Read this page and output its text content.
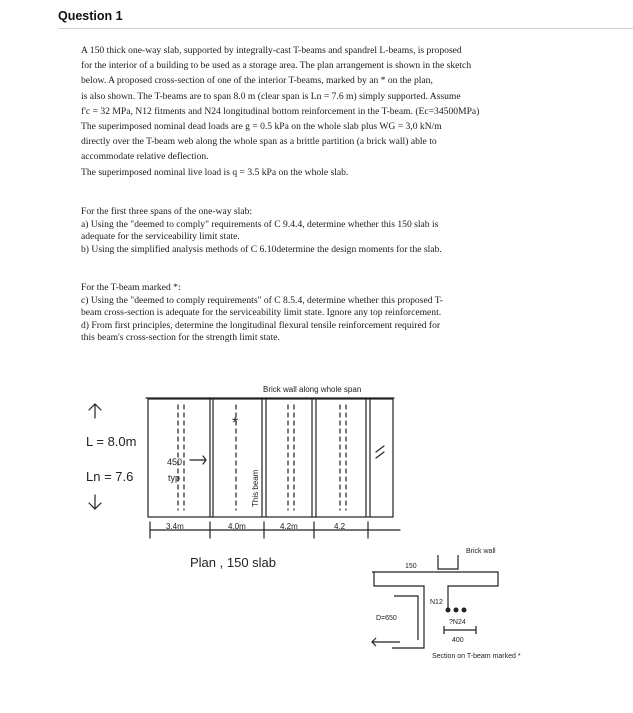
Question 1

A 150 thick one-way slab, supported by integrally-cast T-beams and spandrel L-beams, is proposed
for the interior of a building to be used as a storage area. The plan arrangement is shown in the sketch
below. A proposed cross-section of one of the interior T-beams, marked by an * on the plan,
is also shown. The T-beams are to span 8.0 m (clear span is Ln = 7.6 m) simply supported. Assume
f'c = 32 MPa, N12 fitments and N24 longitudinal bottom reinforcement in the T-beam. (Ec=34500MPa)
The superimposed nominal dead loads are g = 0.5 kPa on the whole slab plus WG = 3,0 kN/m
directly over the T-beam web along the whole span as a brittle partition (a brick wall) able to
accommodate relative deflection.
The superimposed nominal live load is q = 3.5 kPa on the whole slab.

For the first three spans of the one-way slab:
a) Using the "deemed to comply" requirements of C 9.4.4, determine whether this 150 slab is
adequate for the serviceability limit state.
b) Using the simplified analysis methods of C 6.10determine the design moments for the slab.

For the T-beam marked *:
c) Using the "deemed to comply requirements" of C 8.5.4, determine whether this proposed T-
beam cross-section is adequate for the serviceability limit state. Ignore any top reinforcement.
d) From first principles, determine the longitudinal flexural tensile reinforcement required for
this beam's cross-section for the strength limit state.

Brick wall along whole span
L = 8.0m
Ln = 7.6
450
typ	This beam
*
3.4m	4.0m	4.2m	4.2
Plan , 150 slab	150
D=650
N12
?N24
400
Brick wall
Section on T-beam marked *
